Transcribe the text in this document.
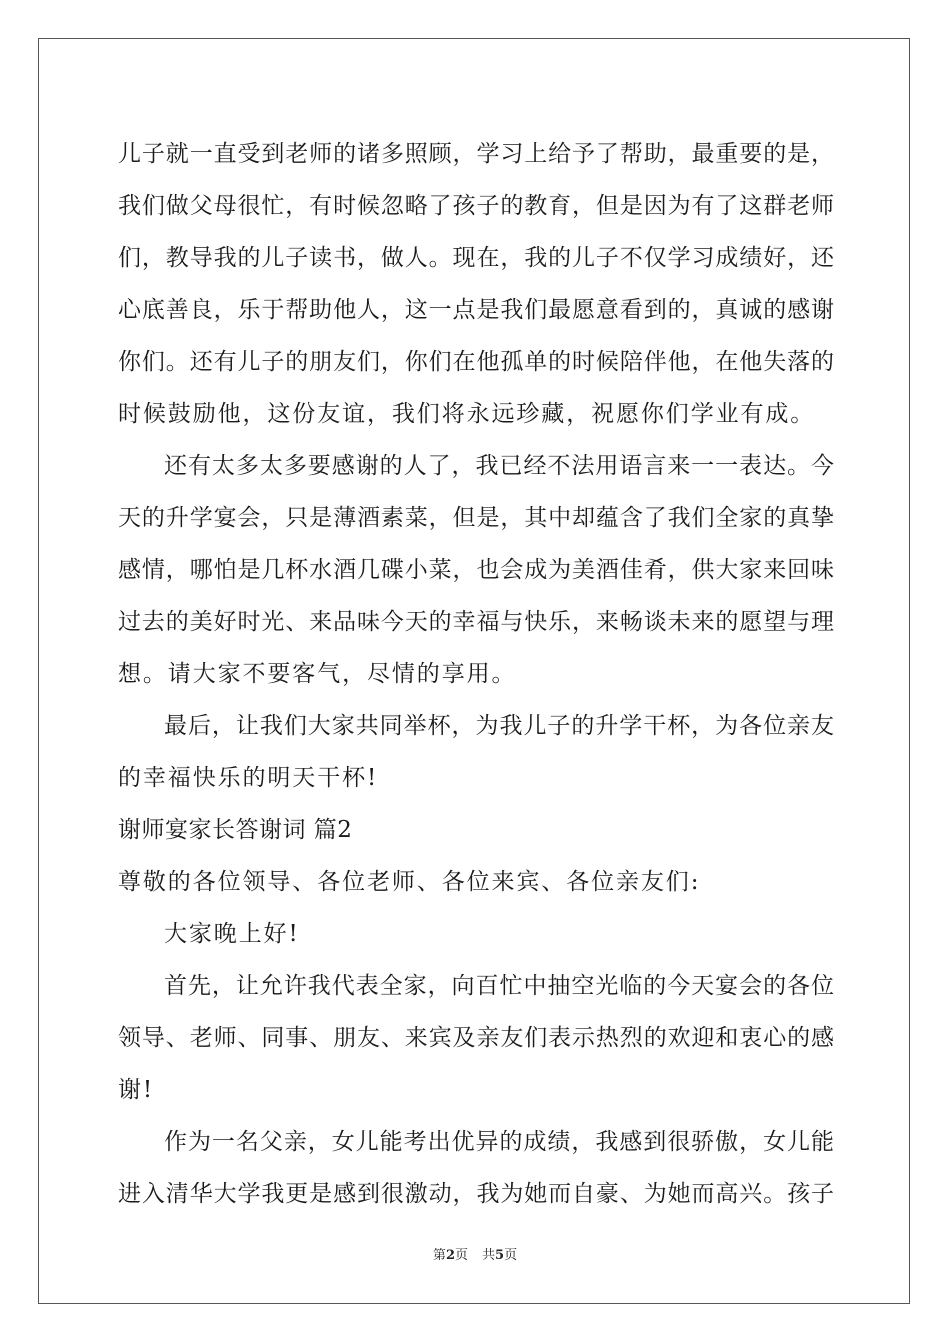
儿子就一直受到老师的诸多照顾，学习上给予了帮助，最重要的是，
我们做父母很忙，有时候忽略了孩子的教育，但是因为有了这群老师
们，教导我的儿子读书，做人。现在，我的儿子不仅学习成绩好，还
心底善良，乐于帮助他人，这一点是我们最愿意看到的，真诚的感谢
你们。还有儿子的朋友们，你们在他孤单的时候陪伴他，在他失落的
时候鼓励他，这份友谊，我们将永远珍藏，祝愿你们学业有成。
还有太多太多要感谢的人了，我已经不法用语言来一一表达。今
天的升学宴会，只是薄酒素菜，但是，其中却蕴含了我们全家的真挚
感情，哪怕是几杯水酒几碟小菜，也会成为美酒佳肴，供大家来回味
过去的美好时光、来品味今天的幸福与快乐，来畅谈未来的愿望与理
想。请大家不要客气，尽情的享用。
最后，让我们大家共同举杯，为我儿子的升学干杯，为各位亲友
的幸福快乐的明天干杯!
谢师宴家长答谢词 篇2
尊敬的各位领导、各位老师、各位来宾、各位亲友们:
大家晚上好!
首先，让允许我代表全家，向百忙中抽空光临的今天宴会的各位
领导、老师、同事、朋友、来宾及亲友们表示热烈的欢迎和衷心的感
谢!
作为一名父亲，女儿能考出优异的成绩，我感到很骄傲，女儿能
进入清华大学我更是感到很激动，我为她而自豪、为她而高兴。孩子
第2页 共5页
